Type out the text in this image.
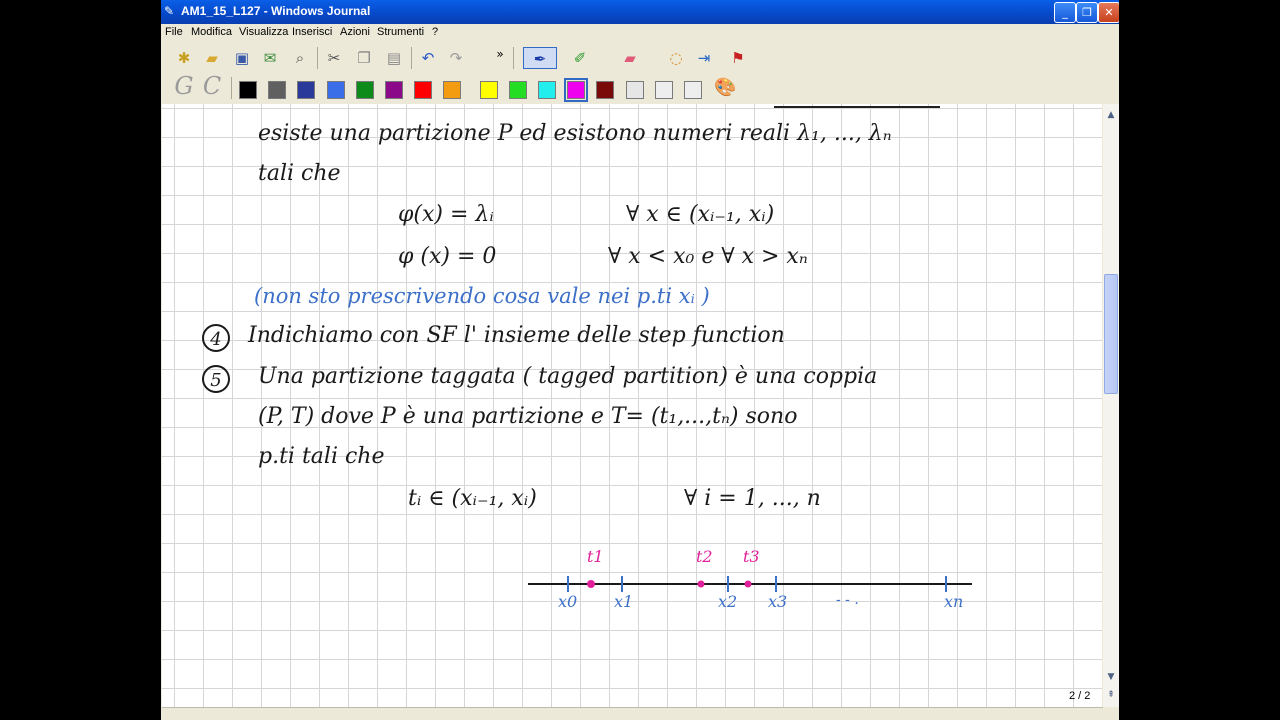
✎ AM1_15_L127 - Windows Journal	_	❐	✕
File Modifica Visualizza Inserisci Azioni Strumenti ?
✱	▰	▣ ✉	⌕	✂	❐ ▤	↶	↷	»	✒	✐	▰	◌	⇥	⚑
G C	🎨
esiste una partizione P ed esistono numeri reali λ₁, ..., λₙ
tali che
φ(x) = λᵢ	∀ x ∈ (xᵢ₋₁, xᵢ)
φ (x) = 0	∀ x < x₀ e ∀ x > xₙ
(non sto prescrivendo cosa vale nei p.ti xᵢ )
4	Indichiamo con SF l' insieme delle step function
5	Una partizione taggata ( tagged partition) è una coppia
(P, T) dove P è una partizione e T= (t₁,...,tₙ) sono
p.ti tali che
tᵢ ∈ (xᵢ₋₁, xᵢ)	∀ i = 1, ..., n
t1	t2 t3
x0 x1	x2 x3	- - .	xn
▲
▼
⇞
2 / 2
